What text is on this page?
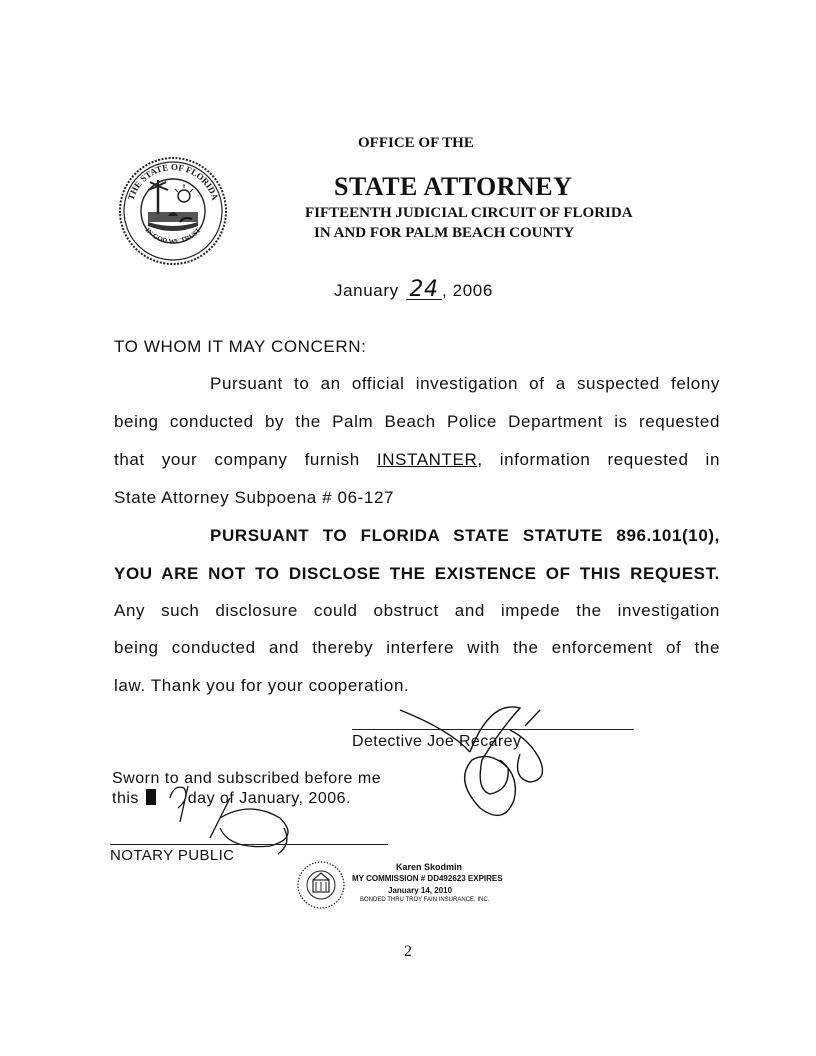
THE STATE OF FLORIDA
IN GOD WE TRUST
OFFICE OF THE
STATE ATTORNEY
FIFTEENTH JUDICIAL CIRCUIT OF FLORIDA
IN AND FOR PALM BEACH COUNTY
January 24 , 2006
TO WHOM IT MAY CONCERN:
Pursuant to an official investigation of a suspected felony
being conducted by the Palm Beach Police Department is requested
that your company furnish INSTANTER, information requested in
State Attorney Subpoena # 06-127
PURSUANT TO FLORIDA STATE STATUTE 896.101(10),
YOU ARE NOT TO DISCLOSE THE EXISTENCE OF THIS REQUEST.
Any such disclosure could obstruct and impede the investigation
being conducted and thereby interfere with the enforcement of the
law. Thank you for your cooperation.
Detective Joe Recarey
Sworn to and subscribed before me
this	day of January, 2006.
NOTARY PUBLIC
Karen Skodmin
MY COMMISSION # DD492623 EXPIRES
January 14, 2010
BONDED THRU TROY FAIN INSURANCE, INC.
2
